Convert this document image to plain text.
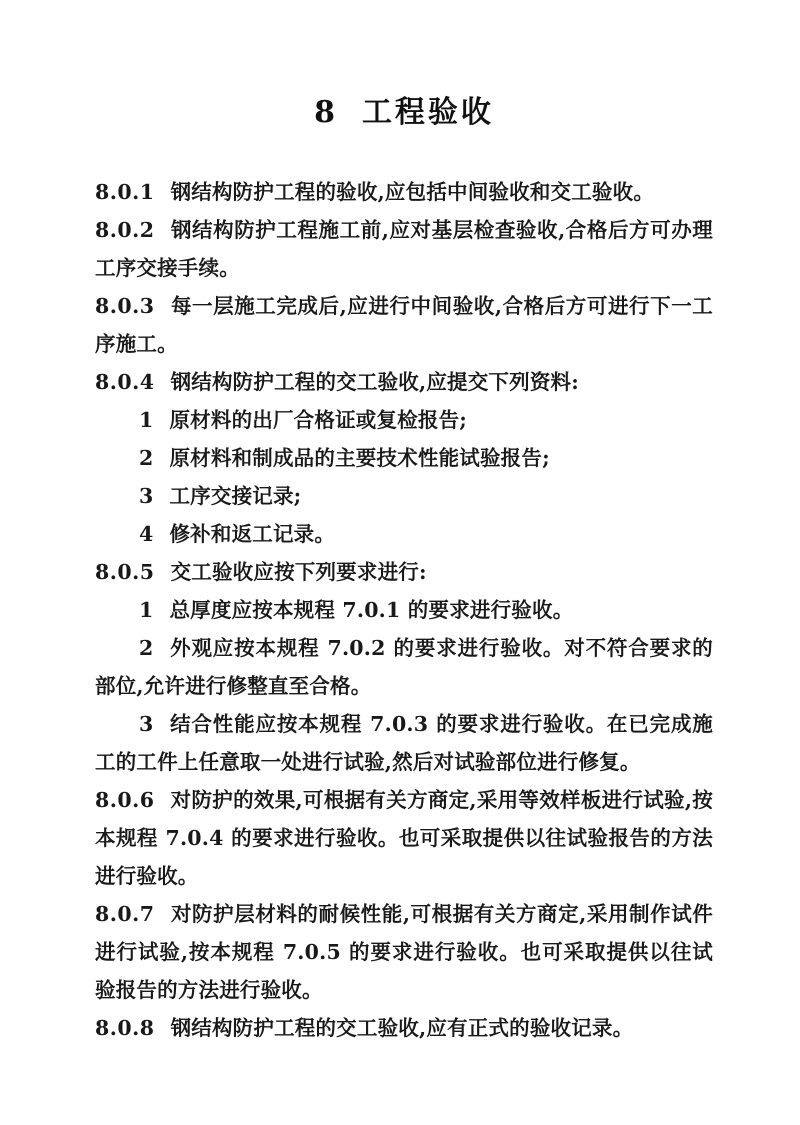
8 工程验收

8.0.1 钢结构防护工程的验收,应包括中间验收和交工验收。

8.0.2 钢结构防护工程施工前,应对基层检查验收,合格后方可办理工序交接手续。

8.0.3 每一层施工完成后,应进行中间验收,合格后方可进行下一工序施工。

8.0.4 钢结构防护工程的交工验收,应提交下列资料:

1 原材料的出厂合格证或复检报告;

2 原材料和制成品的主要技术性能试验报告;

3 工序交接记录;

4 修补和返工记录。

8.0.5 交工验收应按下列要求进行:

1 总厚度应按本规程 7.0.1 的要求进行验收。

2 外观应按本规程 7.0.2 的要求进行验收。对不符合要求的部位,允许进行修整直至合格。

3 结合性能应按本规程 7.0.3 的要求进行验收。在已完成施工的工件上任意取一处进行试验,然后对试验部位进行修复。

8.0.6 对防护的效果,可根据有关方商定,采用等效样板进行试验,按本规程 7.0.4 的要求进行验收。也可采取提供以往试验报告的方法进行验收。

8.0.7 对防护层材料的耐候性能,可根据有关方商定,采用制作试件进行试验,按本规程 7.0.5 的要求进行验收。也可采取提供以往试验报告的方法进行验收。

8.0.8 钢结构防护工程的交工验收,应有正式的验收记录。
